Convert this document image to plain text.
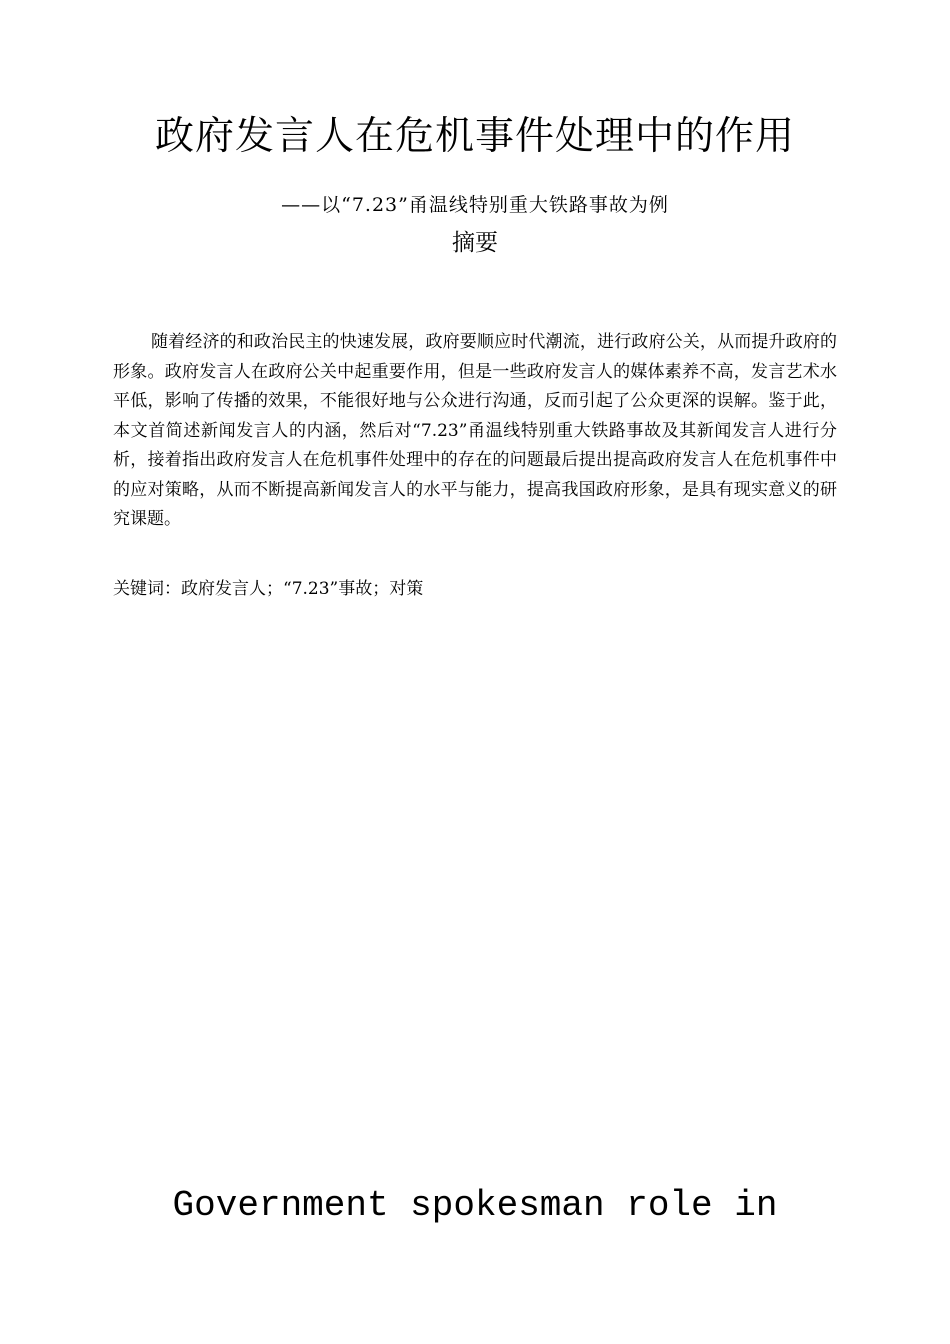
政府发言人在危机事件处理中的作用
——以“7.23”甬温线特别重大铁路事故为例
摘要

随着经济的和政治民主的快速发展，政府要顺应时代潮流，进行政府公关，从而提升政府的形象。政府发言人在政府公关中起重要作用，但是一些政府发言人的媒体素养不高，发言艺术水平低，影响了传播的效果，不能很好地与公众进行沟通，反而引起了公众更深的误解。鉴于此，本文首简述新闻发言人的内涵，然后对“7.23”甬温线特别重大铁路事故及其新闻发言人进行分析，接着指出政府发言人在危机事件处理中的存在的问题最后提出提高政府发言人在危机事件中的应对策略，从而不断提高新闻发言人的水平与能力，提高我国政府形象，是具有现实意义的研究课题。

关键词：政府发言人；“7.23”事故；对策
Government spokesman role in
